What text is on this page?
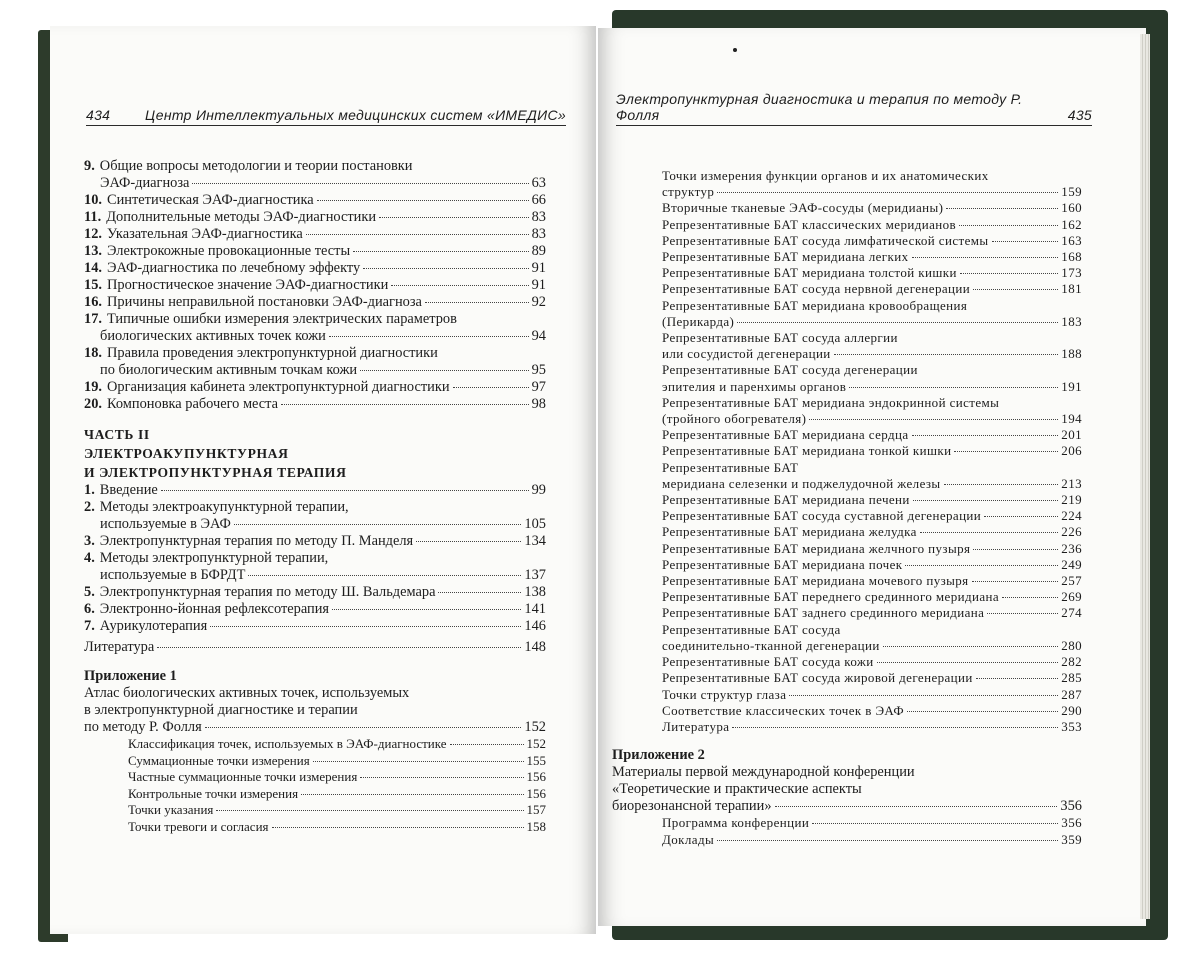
434 Центр Интеллектуальных медицинских систем «ИМЕДИС»
Электропунктурная диагностика и терапия по методу Р. Фолля	435
9. Общие вопросы методологии и теории постановки
ЭАФ-диагноза	63
10. Синтетическая ЭАФ-диагностика	66
11. Дополнительные методы ЭАФ-диагностики	83
12. Указательная ЭАФ-диагностика	83
13. Электрокожные провокационные тесты	89
14. ЭАФ-диагностика по лечебному эффекту	91
15. Прогностическое значение ЭАФ-диагностики	91
16. Причины неправильной постановки ЭАФ-диагноза	92
17. Типичные ошибки измерения электрических параметров
биологических активных точек кожи	94
18. Правила проведения электропунктурной диагностики
по биологическим активным точкам кожи	95
19. Организация кабинета электропунктурной диагностики	97
20. Компоновка рабочего места	98
ЧАСТЬ II
ЭЛЕКТРОАКУПУНКТУРНАЯ
И ЭЛЕКТРОПУНКТУРНАЯ ТЕРАПИЯ
1. Введение	99
2. Методы электроакупунктурной терапии,
используемые в ЭАФ	105
3. Электропунктурная терапия по методу П. Манделя	134
4. Методы электропунктурной терапии,
используемые в БФРДТ	137
5. Электропунктурная терапия по методу Ш. Вальдемара	138
6. Электронно-йонная рефлексотерапия	141
7. Аурикулотерапия	146
Литература	148
Приложение 1
Атлас биологических активных точек, используемых
в электропунктурной диагностике и терапии
по методу Р. Фолля	152
Классификация точек, используемых в ЭАФ-диагностике	152
Суммационные точки измерения	155
Частные суммационные точки измерения	156
Контрольные точки измерения	156
Точки указания	157
Точки тревоги и согласия	158
Точки измерения функции органов и их анатомических
структур	159
Вторичные тканевые ЭАФ-сосуды (меридианы)	160
Репрезентативные БАТ классических меридианов	162
Репрезентативные БАТ сосуда лимфатической системы	163
Репрезентативные БАТ меридиана легких	168
Репрезентативные БАТ меридиана толстой кишки	173
Репрезентативные БАТ сосуда нервной дегенерации	181
Репрезентативные БАТ меридиана кровообращения
(Перикарда)	183
Репрезентативные БАТ сосуда аллергии
или сосудистой дегенерации	188
Репрезентативные БАТ сосуда дегенерации
эпителия и паренхимы органов	191
Репрезентативные БАТ меридиана эндокринной системы
(тройного обогревателя)	194
Репрезентативные БАТ меридиана сердца	201
Репрезентативные БАТ меридиана тонкой кишки	206
Репрезентативные БАТ
меридиана селезенки и поджелудочной железы	213
Репрезентативные БАТ меридиана печени	219
Репрезентативные БАТ сосуда суставной дегенерации	224
Репрезентативные БАТ меридиана желудка	226
Репрезентативные БАТ меридиана желчного пузыря	236
Репрезентативные БАТ меридиана почек	249
Репрезентативные БАТ меридиана мочевого пузыря	257
Репрезентативные БАТ переднего срединного меридиана	269
Репрезентативные БАТ заднего срединного меридиана	274
Репрезентативные БАТ сосуда
соединительно-тканной дегенерации	280
Репрезентативные БАТ сосуда кожи	282
Репрезентативные БАТ сосуда жировой дегенерации	285
Точки структур глаза	287
Соответствие классических точек в ЭАФ	290
Литература	353
Приложение 2
Материалы первой международной конференции
«Теоретические и практические аспекты
биорезонансной терапии»	356
Программа конференции	356
Доклады	359
